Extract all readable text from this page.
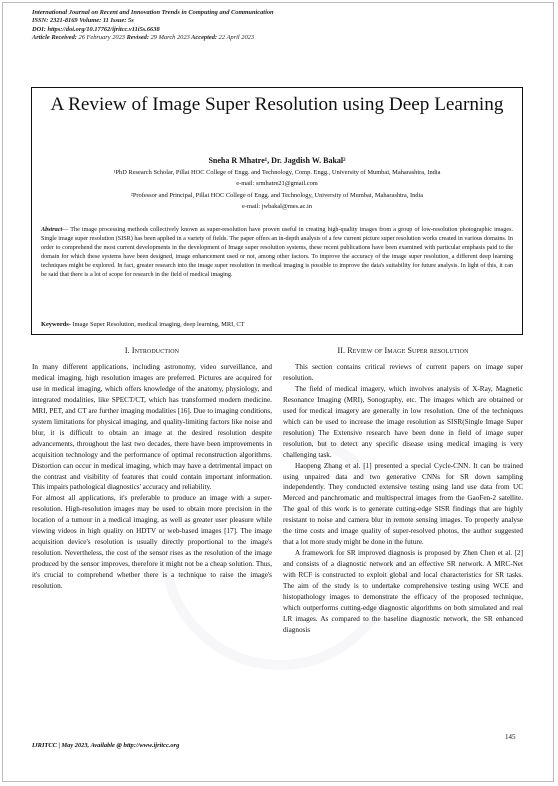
International Journal on Recent and Innovation Trends in Computing and Communication
ISSN: 2321-8169 Volume: 11 Issue: 5s
DOI: https://doi.org/10.17762/ijritcc.v11i5s.6638
Article Received: 26 February 2023 Revised: 29 March 2023 Accepted: 22 April 2023
A Review of Image Super Resolution using Deep Learning
Sneha R Mhatre¹, Dr. Jagdish W. Bakal²
¹PhD Research Scholar, Pillai HOC College of Engg. and Technology, Comp. Engg., University of Mumbai, Maharashtra, India
e-mail: srmhatre21@gmail.com
²Professor and Principal, Pillai HOC College of Engg. and Technology, University of Mumbai, Maharashtra, India
e-mail: jwbakal@mes.ac.in
Abstract— The image processing methods collectively known as super-resolution have proven useful in creating high-quality images from a group of low-resolution photographic images. Single image super resolution (SISR) has been applied in a variety of fields. The paper offers an in-depth analysis of a few current picture super resolution works created in various domains. In order to comprehend the most current developments in the development of Image super resolution systems, these recent publications have been examined with particular emphasis paid to the domain for which these systems have been designed, image enhancement used or not, among other factors. To improve the accuracy of the image super resolution, a different deep learning techniques might be explored. In fact, greater research into the image super resolution in medical imaging is possible to improve the data's suitability for future analysis. In light of this, it can be said that there is a lot of scope for research in the field of medical imaging.
Keywords- Image Super Resolution, medical imaging, deep learning, MRI, CT
I. Introduction	II. Review of Image Super resolution

In many different applications, including astronomy, video surveillance, and medical imaging, high resolution images are preferred. Pictures are acquired for use in medical imaging, which offers knowledge of the anatomy, physiology, and integrated modalities, like SPECT/CT, which has transformed modern medicine. MRI, PET, and CT are further imaging modalities [16]. Due to imaging conditions, system limitations for physical imaging, and quality-limiting factors like noise and blur, it is difficult to obtain an image at the desired resolution despite advancements, throughout the last two decades, there have been improvements in acquisition technology and the performance of optimal reconstruction algorithms. Distortion can occur in medical imaging, which may have a detrimental impact on the contrast and visibility of features that could contain important information. This impairs pathological diagnostics' accuracy and reliability.

For almost all applications, it's preferable to produce an image with a super- resolution. High-resolution images may be used to obtain more precision in the location of a tumour in a medical imaging, as well as greater user pleasure while viewing videos in high quality on HDTV or web-based images [17]. The image acquisition device's resolution is usually directly proportional to the image's resolution. Nevertheless, the cost of the sensor rises as the resolution of the image produced by the sensor improves, therefore it might not be a cheap solution. Thus, it's crucial to comprehend whether there is a technique to raise the image's resolution.

This section contains critical reviews of current papers on image super resolution.

The field of medical imagery, which involves analysis of X-Ray, Magnetic Resonance Imaging (MRI), Sonography, etc. The images which are obtained or used for medical imagery are generally in low resolution. One of the techniques which can be used to increase the image resolution as SISR(Single Image Super resolution) The Extensive research have been done in field of image super resolution, but to detect any specific disease using medical imaging is very challenging task.

Haopeng Zhang et al. [1] presented a special Cycle-CNN. It can be trained using unpaired data and two generative CNNs for SR down sampling independently. They conducted extensive testing using land use data from UC Merced and panchromatic and multispectral images from the GaoFen-2 satellite. The goal of this work is to generate cutting-edge SISR findings that are highly resistant to noise and camera blur in remote sensing images. To properly analyse the time costs and image quality of super-resolved photos, the author suggested that a lot more study might be done in the future.

A framework for SR improved diagnosis is proposed by Zhen Chen et al. [2] and consists of a diagnostic network and an effective SR network. A MRC-Net with RCF is constructed to exploit global and local characteristics for SR tasks. The aim of the study is to undertake comprehensive testing using WCE and histopathology images to demonstrate the efficacy of the proposed technique, which outperforms cutting-edge diagnostic algorithms on both simulated and real LR images. As compared to the baseline diagnostic network, the SR enhanced diagnosis

145
IJRITCC | May 2023, Available @ http://www.ijritcc.org
